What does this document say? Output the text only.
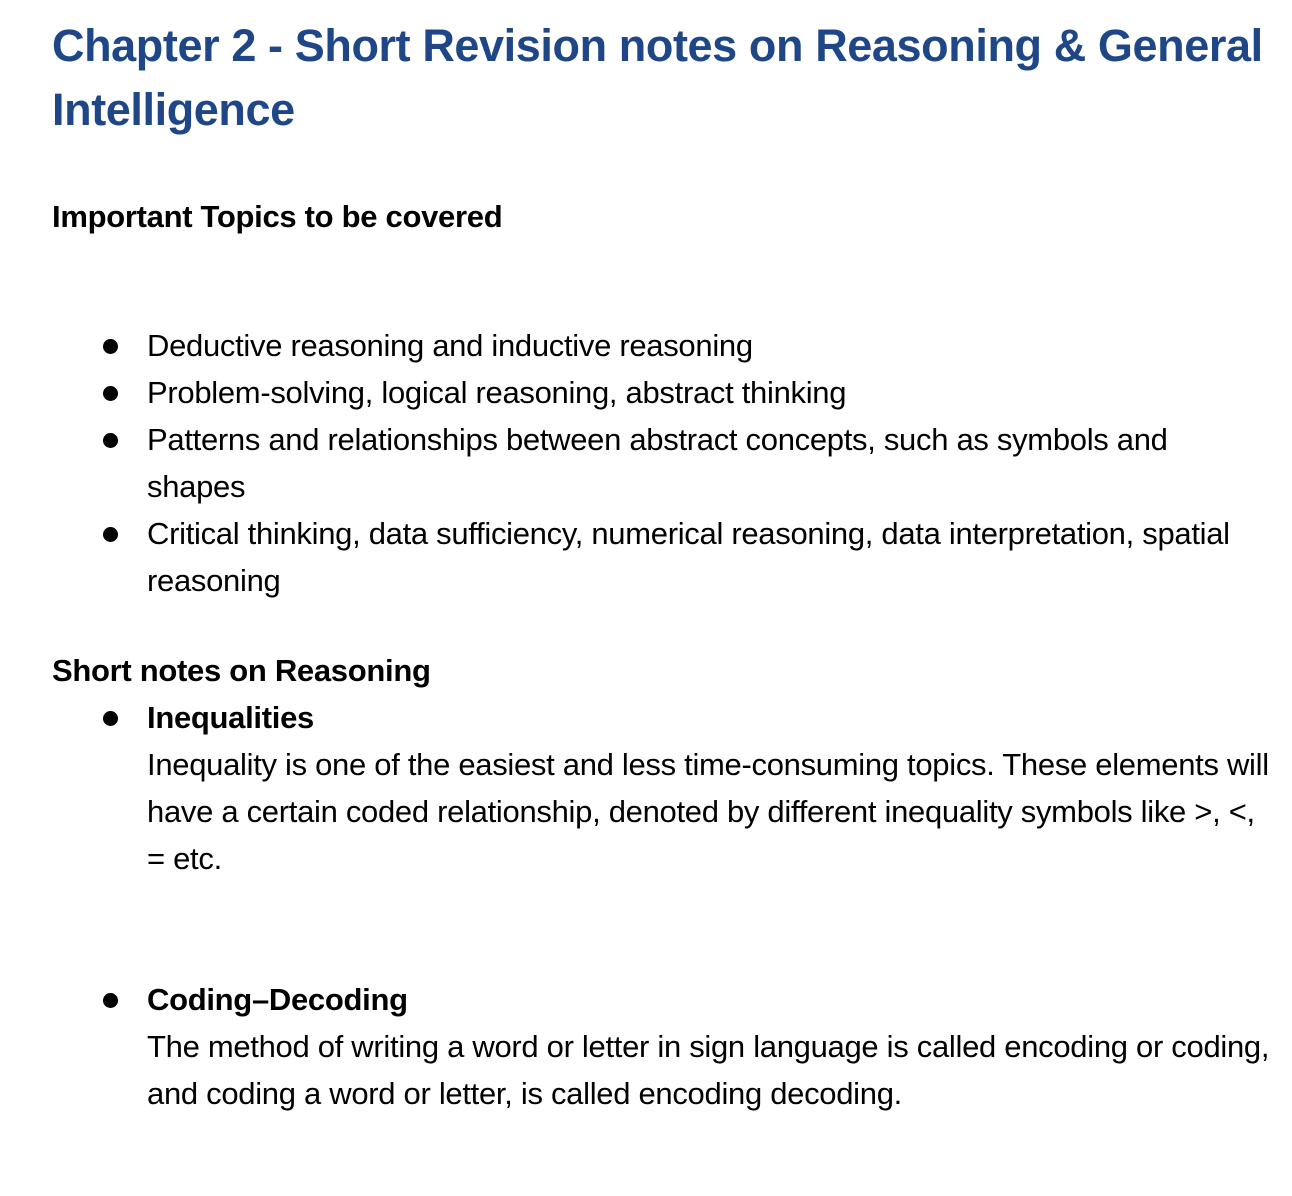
Chapter 2 - Short Revision notes on Reasoning & General Intelligence
Important Topics to be covered
Deductive reasoning and inductive reasoning
Problem-solving, logical reasoning, abstract thinking
Patterns and relationships between abstract concepts, such as symbols and shapes
Critical thinking, data sufficiency, numerical reasoning, data interpretation, spatial reasoning
Short notes on Reasoning
Inequalities
Inequality is one of the easiest and less time-consuming topics. These elements will have a certain coded relationship, denoted by different inequality symbols like >, <, = etc.
Coding–Decoding
The method of writing a word or letter in sign language is called encoding or coding, and coding a word or letter, is called encoding decoding.
